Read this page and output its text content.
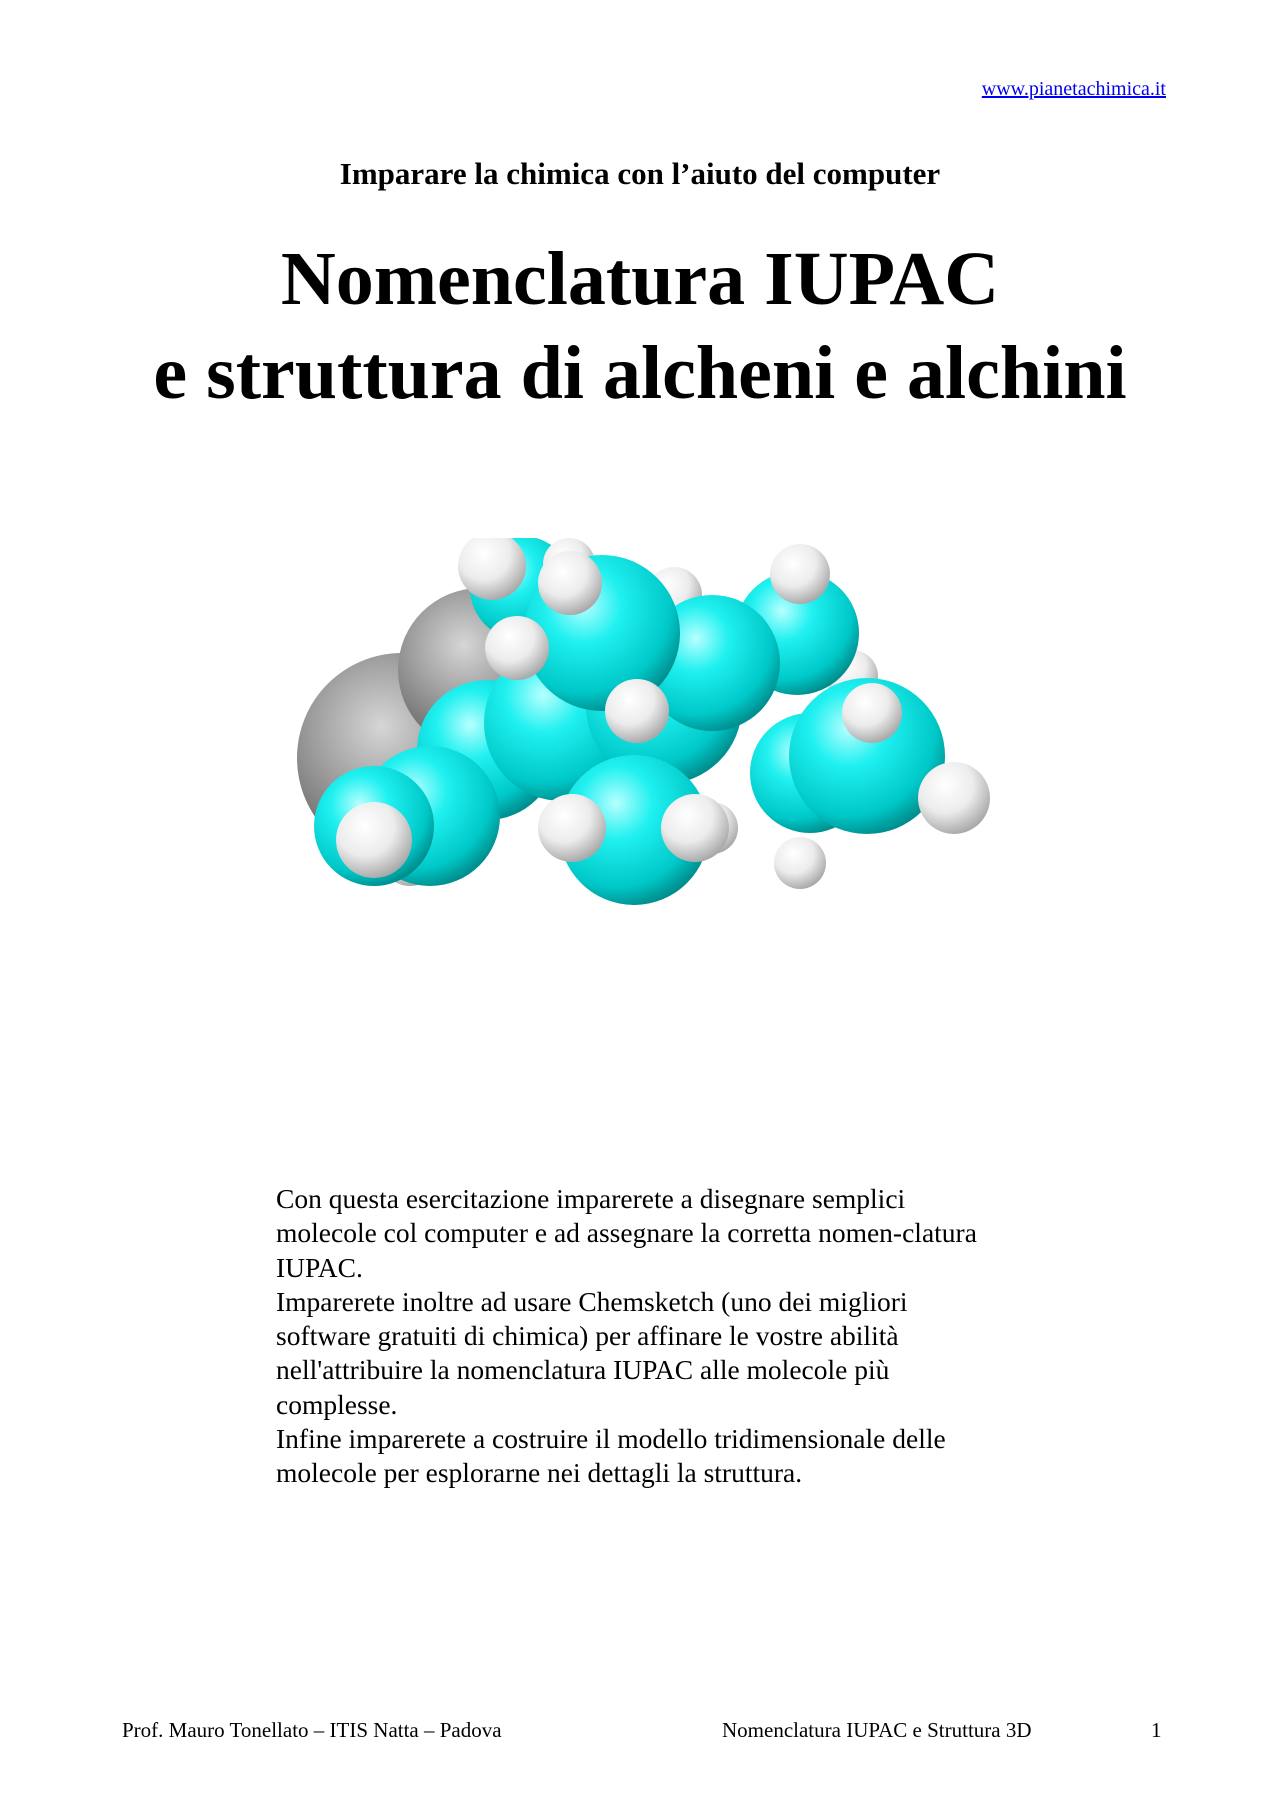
www.pianetachimica.it
Imparare la chimica con l’aiuto del computer
Nomenclatura IUPAC
e struttura di alcheni e alchini

Con questa esercitazione imparerete a disegnare semplici molecole col computer e ad assegnare la corretta nomen-clatura IUPAC.

Imparerete inoltre ad usare Chemsketch (uno dei migliori software gratuiti di chimica) per affinare le vostre abilità nell'attribuire la nomenclatura IUPAC alle molecole più complesse.

Infine imparerete a costruire il modello tridimensionale delle molecole per esplorarne nei dettagli la struttura.

Prof. Mauro Tonellato – ITIS Natta – Padova	Nomenclatura IUPAC e Struttura 3D	1
